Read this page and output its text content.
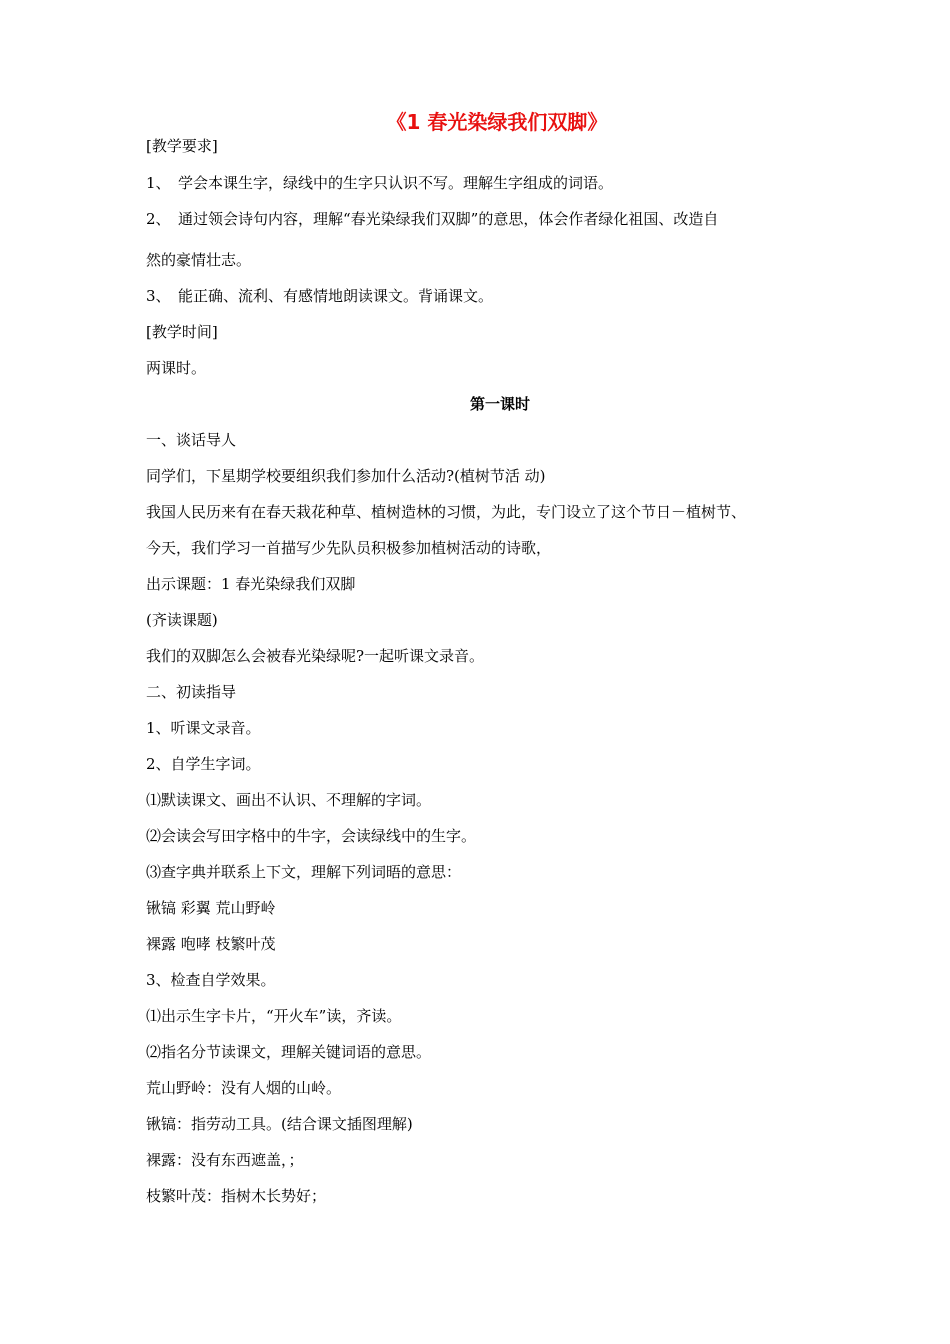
《1 春光染绿我们双脚》
[教学要求]
1、 学会本课生字，绿线中的生字只认识不写。理解生字组成的词语。
2、 通过领会诗句内容，理解“春光染绿我们双脚”的意思，体会作者绿化祖国、改造自
然的豪情壮志。
3、 能正确、流利、有感情地朗读课文。背诵课文。
[教学时间]
两课时。
第一课时
一、谈话导人
同学们，下星期学校要组织我们参加什么活动?(植树节活 动)
我国人民历来有在春天栽花种草、植树造林的习惯，为此，专门设立了这个节日－植树节、
今天，我们学习一首描写少先队员积极参加植树活动的诗歌，
出示课题：1 春光染绿我们双脚
(齐读课题)
我们的双脚怎么会被春光染绿呢?一起听课文录音。
二、初读指导
1、听课文录音。
2、自学生字词。
⑴默读课文、画出不认识、不理解的字词。
⑵会读会写田字格中的牛字，会读绿线中的生字。
⑶查字典并联系上下文，理解下列词晤的意思：
锹镐 彩翼 荒山野岭
裸露 咆哮 枝繁叶茂
3、检查自学效果。
⑴出示生字卡片，“开火车”读，齐读。
⑵指名分节读课文，理解关键词语的意思。
荒山野岭：没有人烟的山岭。
锹镐：指劳动工具。(结合课文插图理解)
裸露：没有东西遮盖，；
枝繁叶茂：指树木长势好；
